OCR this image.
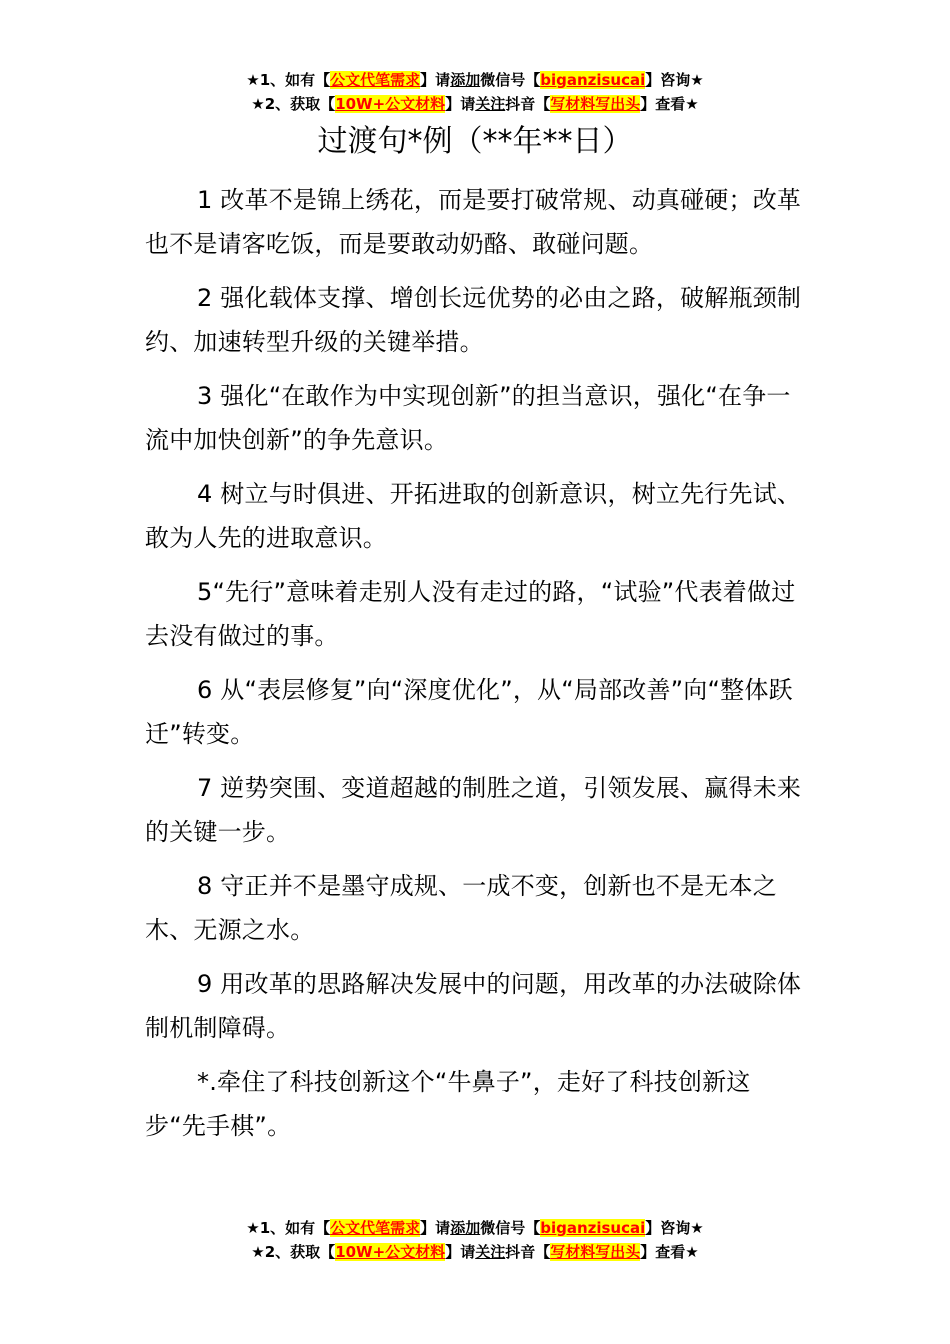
★1、如有【公文代笔需求】请添加微信号【biganzisucai】咨询★
★2、获取【10W+公文材料】请关注抖音【写材料写出头】查看★
过渡句*例（**年**日）

1 改革不是锦上绣花，而是要打破常规、动真碰硬；改革也不是请客吃饭，而是要敢动奶酪、敢碰问题。

2 强化载体支撑、增创长远优势的必由之路，破解瓶颈制约、加速转型升级的关键举措。

3 强化“在敢作为中实现创新”的担当意识，强化“在争一流中加快创新”的争先意识。

4 树立与时俱进、开拓进取的创新意识，树立先行先试、敢为人先的进取意识。

5“先行”意味着走别人没有走过的路，“试验”代表着做过去没有做过的事。

6 从“表层修复”向“深度优化”，从“局部改善”向“整体跃迁”转变。

7 逆势突围、变道超越的制胜之道，引领发展、赢得未来的关键一步。

8 守正并不是墨守成规、一成不变，创新也不是无本之木、无源之水。

9 用改革的思路解决发展中的问题，用改革的办法破除体制机制障碍。

*.牵住了科技创新这个“牛鼻子”，走好了科技创新这步“先手棋”。

★1、如有【公文代笔需求】请添加微信号【biganzisucai】咨询★
★2、获取【10W+公文材料】请关注抖音【写材料写出头】查看★
